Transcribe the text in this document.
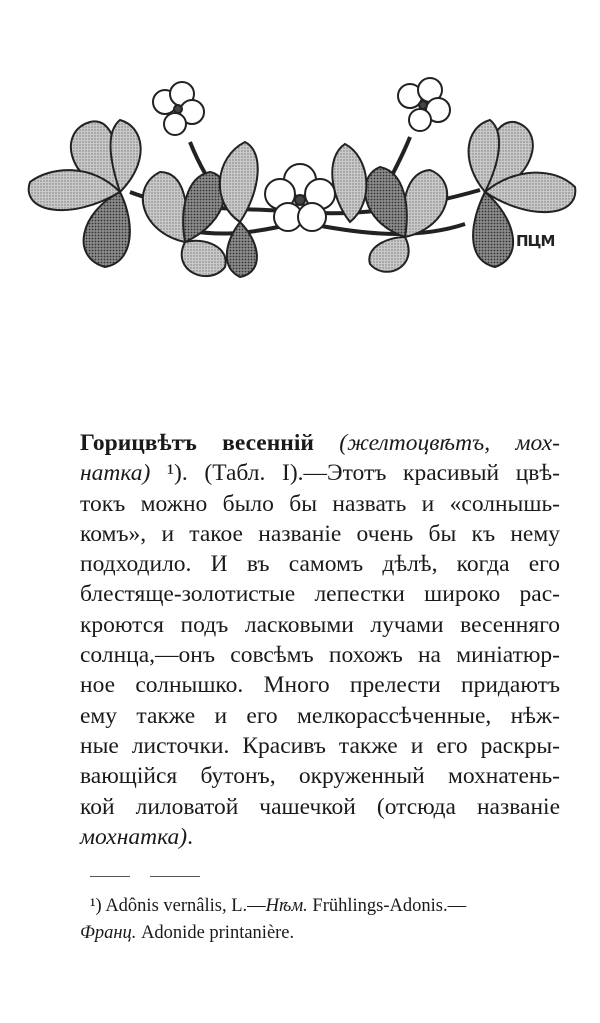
ПЦМ
Горицвѣтъ весенній (желтоцвѣтъ, мох-
натка) ¹). (Табл. I).—Этотъ красивый цвѣ-
токъ можно было бы назвать и «солнышь-
комъ», и такое названіе очень бы къ нему
подходило. И въ самомъ дѣлѣ, когда его
блестяще-золотистые лепестки широко рас-
кроются подъ ласковыми лучами весенняго
солнца,—онъ совсѣмъ похожъ на миніатюр-
ное солнышко. Много прелести придаютъ
ему также и его мелкорассѣченные, нѣж-
ные листочки. Красивъ также и его раскры-
вающійся бутонъ, окруженный мохнатень-
кой лиловатой чашечкой (отсюда названіе
мохнатка).
¹) Adônis vernâlis, L.—Нѣм. Frühlings-Adonis.—
Франц. Adonide printanière.
